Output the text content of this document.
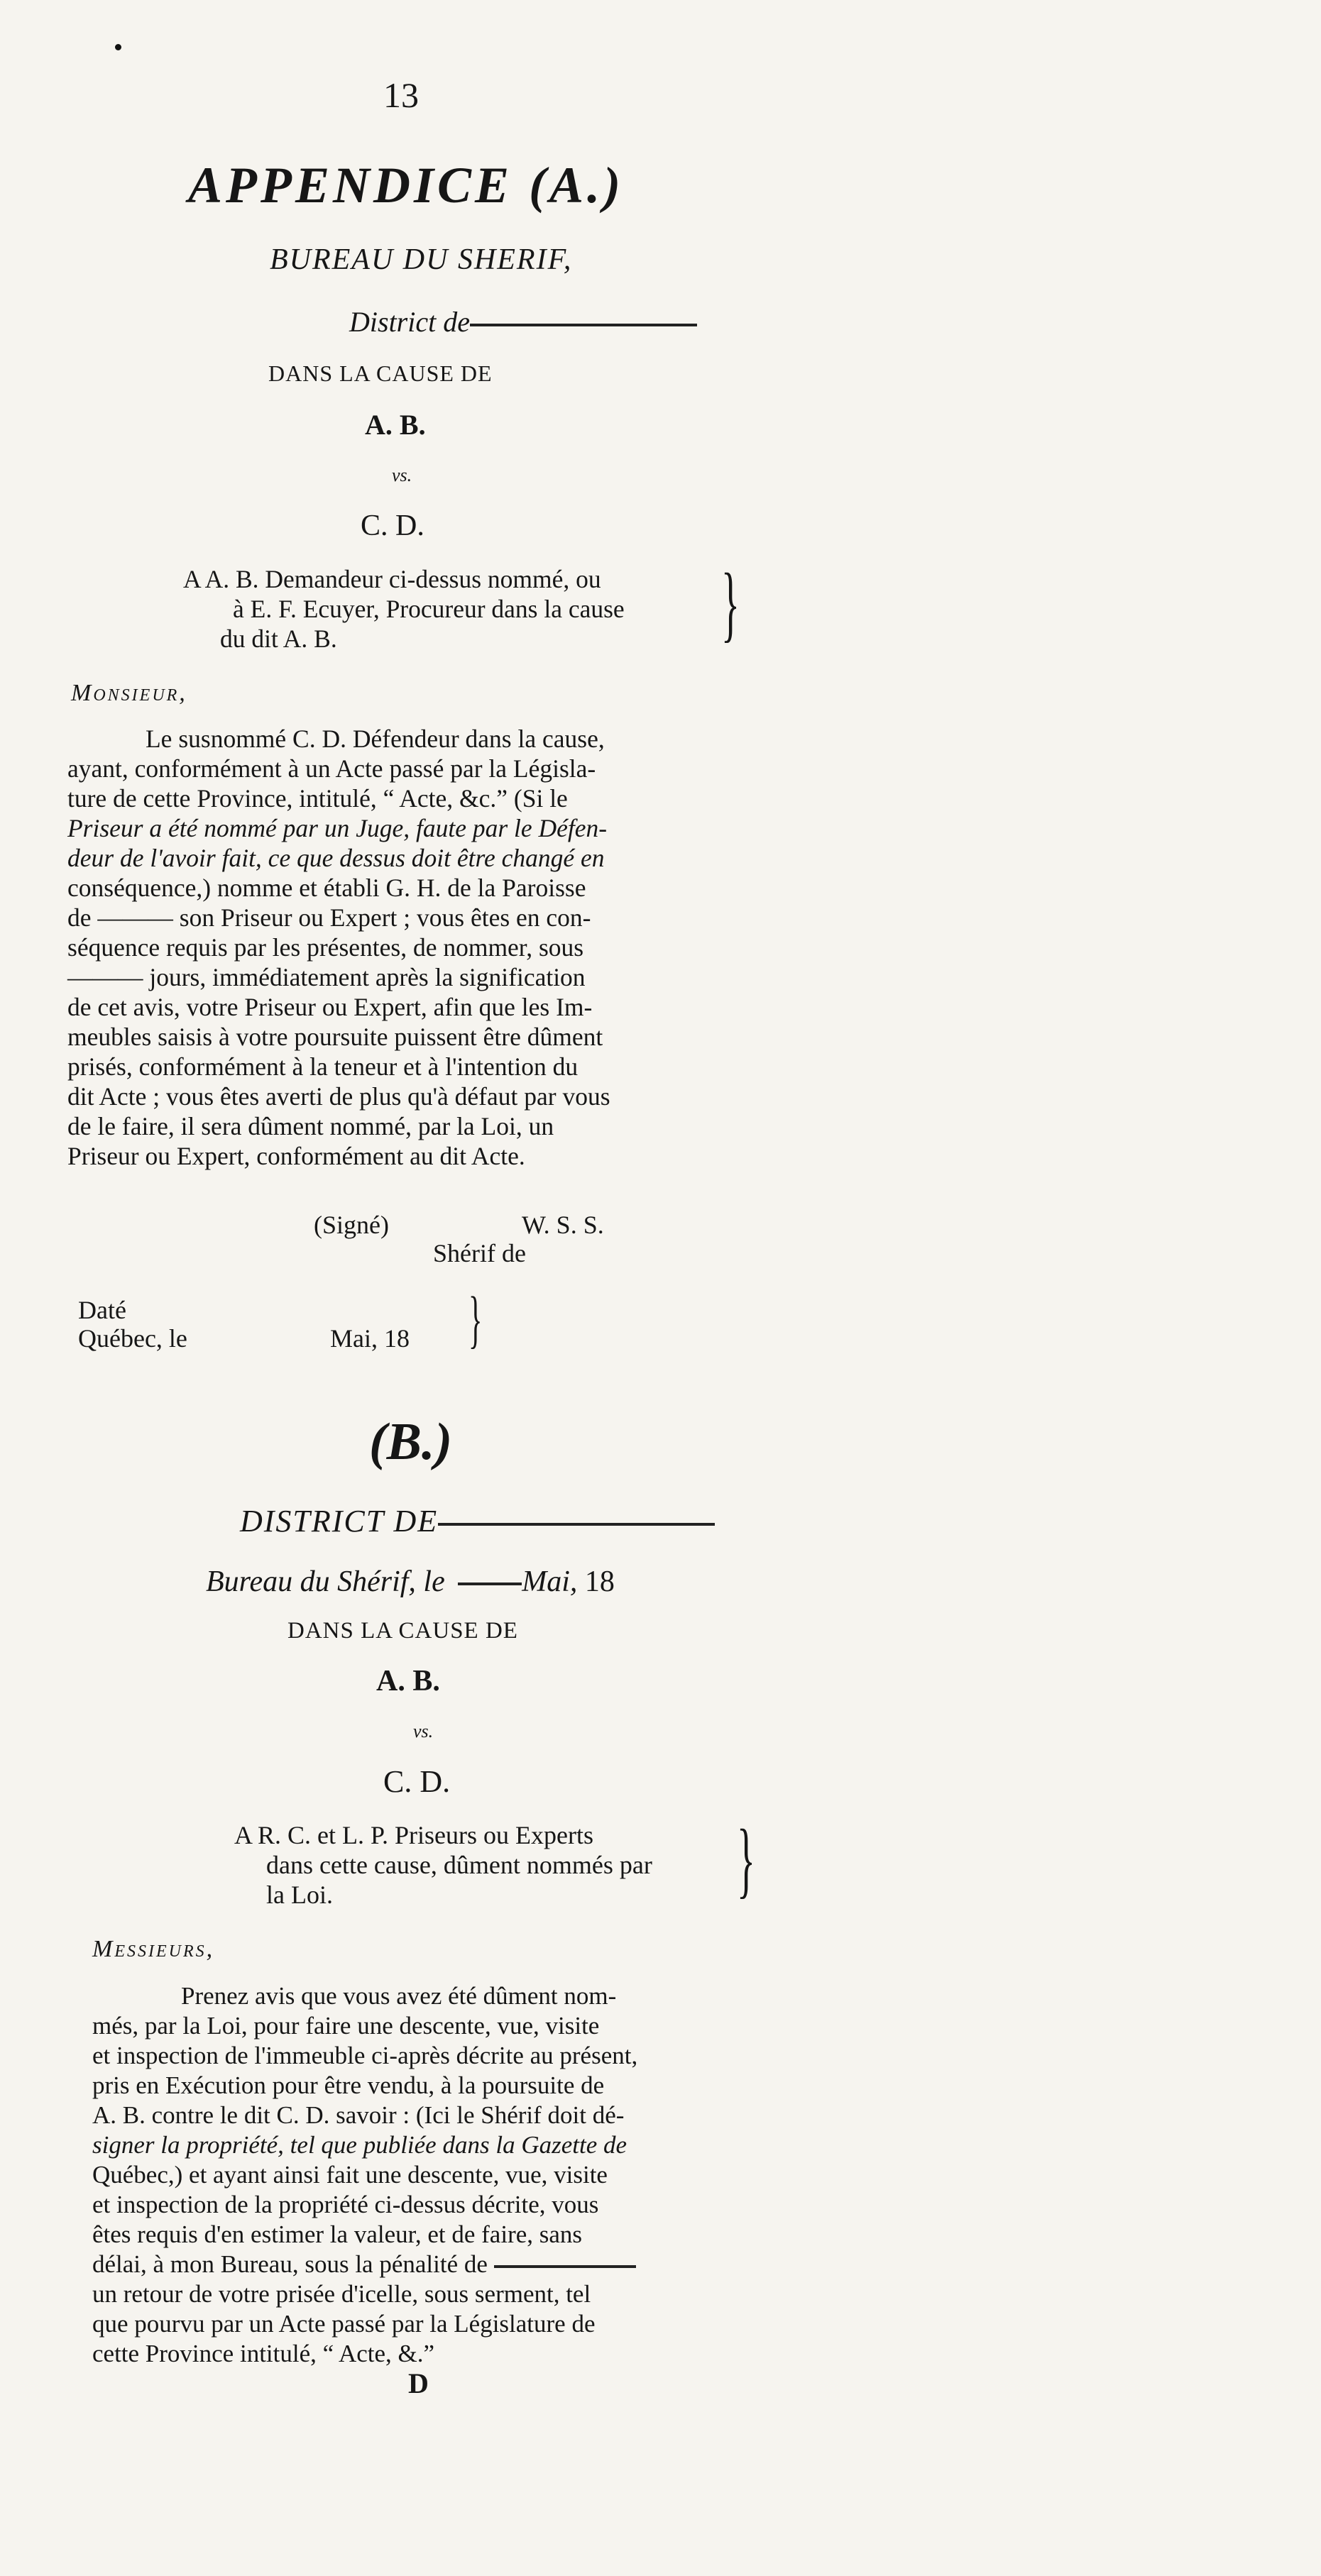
13
APPENDICE (A.)
BUREAU DU SHERIF,
District de
DANS LA CAUSE DE
A. B.
vs.
C. D.
A A. B. Demandeur ci-dessus nommé, ou
à E. F. Ecuyer, Procureur dans la cause
du dit A. B.	}
Monsieur,

Le susnommé C. D. Défendeur dans la cause,

ayant, conformément à un Acte passé par la Législa-

ture de cette Province, intitulé, “ Acte, &c.” (Si le

Priseur a été nommé par un Juge, faute par le Défen-

deur de l'avoir fait, ce que dessus doit être changé en

conséquence,) nomme et établi G. H. de la Paroisse

de ——— son Priseur ou Expert ; vous êtes en con-

séquence requis par les présentes, de nommer, sous

——— jours, immédiatement après la signification

de cet avis, votre Priseur ou Expert, afin que les Im-

meubles saisis à votre poursuite puissent être dûment

prisés, conformément à la teneur et à l'intention du

dit Acte ; vous êtes averti de plus qu'à défaut par vous

de le faire, il sera dûment nommé, par la Loi, un

Priseur ou Expert, conformément au dit Acte.

(Signé)	W. S. S.
Shérif de
Daté
Québec, le	Mai, 18 }
(B.)
DISTRICT DE
Bureau du Shérif, le	Mai, 18
DANS LA CAUSE DE
A. B.
vs.
C. D.
A R. C. et L. P. Priseurs ou Experts
dans cette cause, dûment nommés par
la Loi.	}
Messieurs,

Prenez avis que vous avez été dûment nom-

més, par la Loi, pour faire une descente, vue, visite

et inspection de l'immeuble ci-après décrite au présent,

pris en Exécution pour être vendu, à la poursuite de

A. B. contre le dit C. D. savoir : (Ici le Shérif doit dé-

signer la propriété, tel que publiée dans la Gazette de

Québec,) et ayant ainsi fait une descente, vue, visite

et inspection de la propriété ci-dessus décrite, vous

êtes requis d'en estimer la valeur, et de faire, sans

délai, à mon Bureau, sous la pénalité de

un retour de votre prisée d'icelle, sous serment, tel

que pourvu par un Acte passé par la Législature de

cette Province intitulé, “ Acte, &.”

D
